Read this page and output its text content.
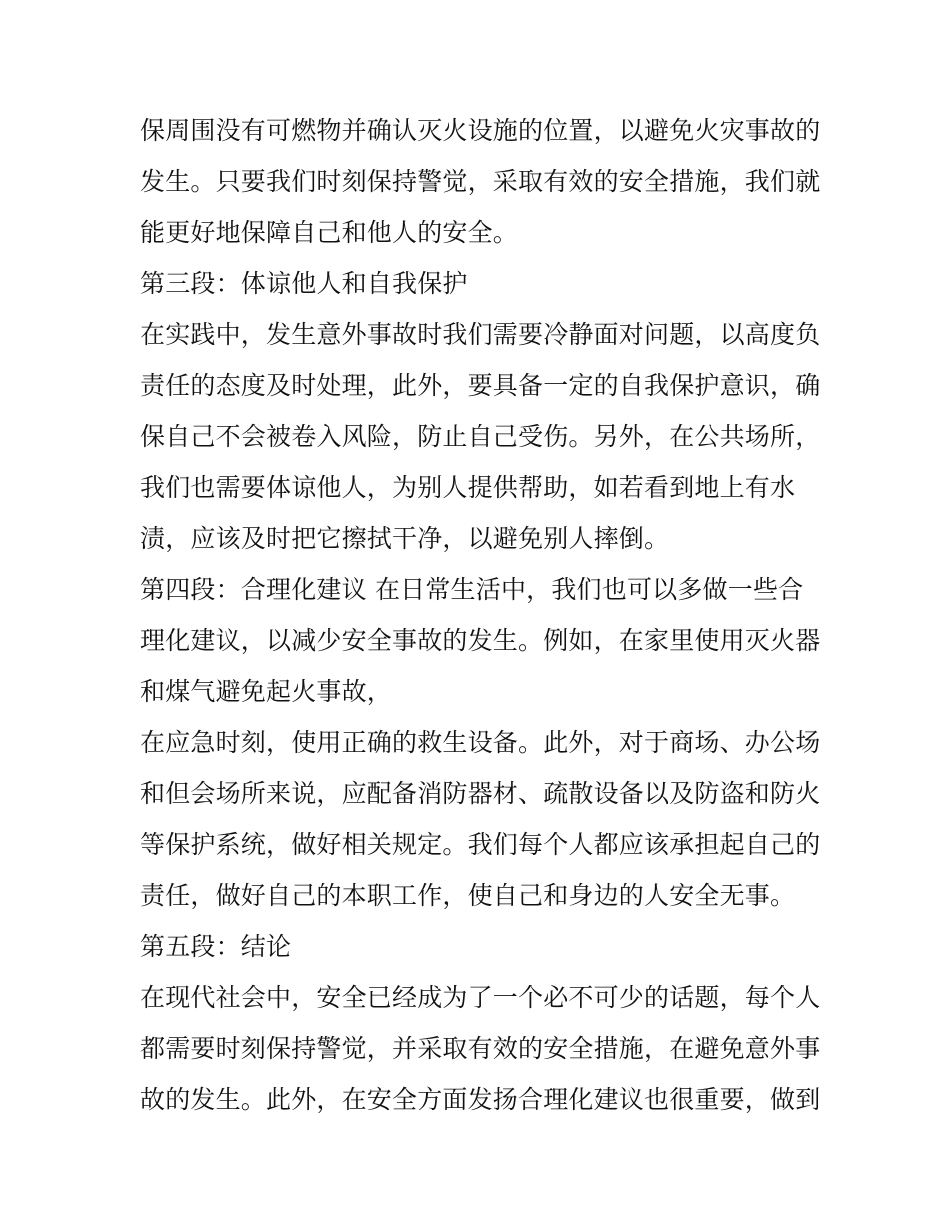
保周围没有可燃物并确认灭火设施的位置，以避免火灾事故的
发生。只要我们时刻保持警觉，采取有效的安全措施，我们就
能更好地保障自己和他人的安全。
第三段：体谅他人和自我保护
在实践中，发生意外事故时我们需要冷静面对问题，以高度负
责任的态度及时处理，此外，要具备一定的自我保护意识，确
保自己不会被卷入风险，防止自己受伤。另外，在公共场所，
我们也需要体谅他人，为别人提供帮助，如若看到地上有水
渍，应该及时把它擦拭干净，以避免别人摔倒。
第四段：合理化建议 在日常生活中，我们也可以多做一些合
理化建议，以减少安全事故的发生。例如，在家里使用灭火器
和煤气避免起火事故，
在应急时刻，使用正确的救生设备。此外，对于商场、办公场
和但会场所来说，应配备消防器材、疏散设备以及防盗和防火
等保护系统，做好相关规定。我们每个人都应该承担起自己的
责任，做好自己的本职工作，使自己和身边的人安全无事。
第五段：结论
在现代社会中，安全已经成为了一个必不可少的话题，每个人
都需要时刻保持警觉，并采取有效的安全措施，在避免意外事
故的发生。此外，在安全方面发扬合理化建议也很重要，做到
